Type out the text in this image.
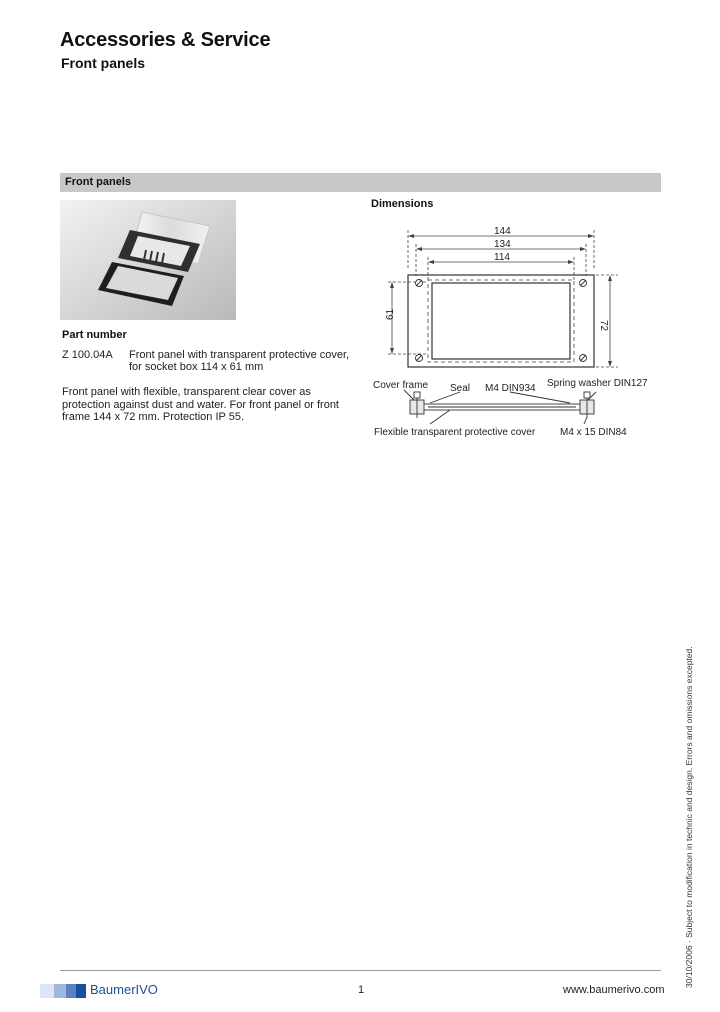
Accessories & Service
Front panels
Front panels
Part number
Z 100.04A Front panel with transparent protective cover, for socket box 114 x 61 mm
Front panel with flexible, transparent clear cover as protection against dust and water. For front panel or front frame 144 x 72 mm. Protection IP 55.
Dimensions
144
134
114
61
72
Cover frame Seal M4 DIN934 Spring washer DIN127
Flexible transparent protective cover M4 x 15 DIN84
30/10/2006 · Subject to modification in technic and design. Errors and omissions excepted.
BaumerIVO	1	www.baumerivo.com
